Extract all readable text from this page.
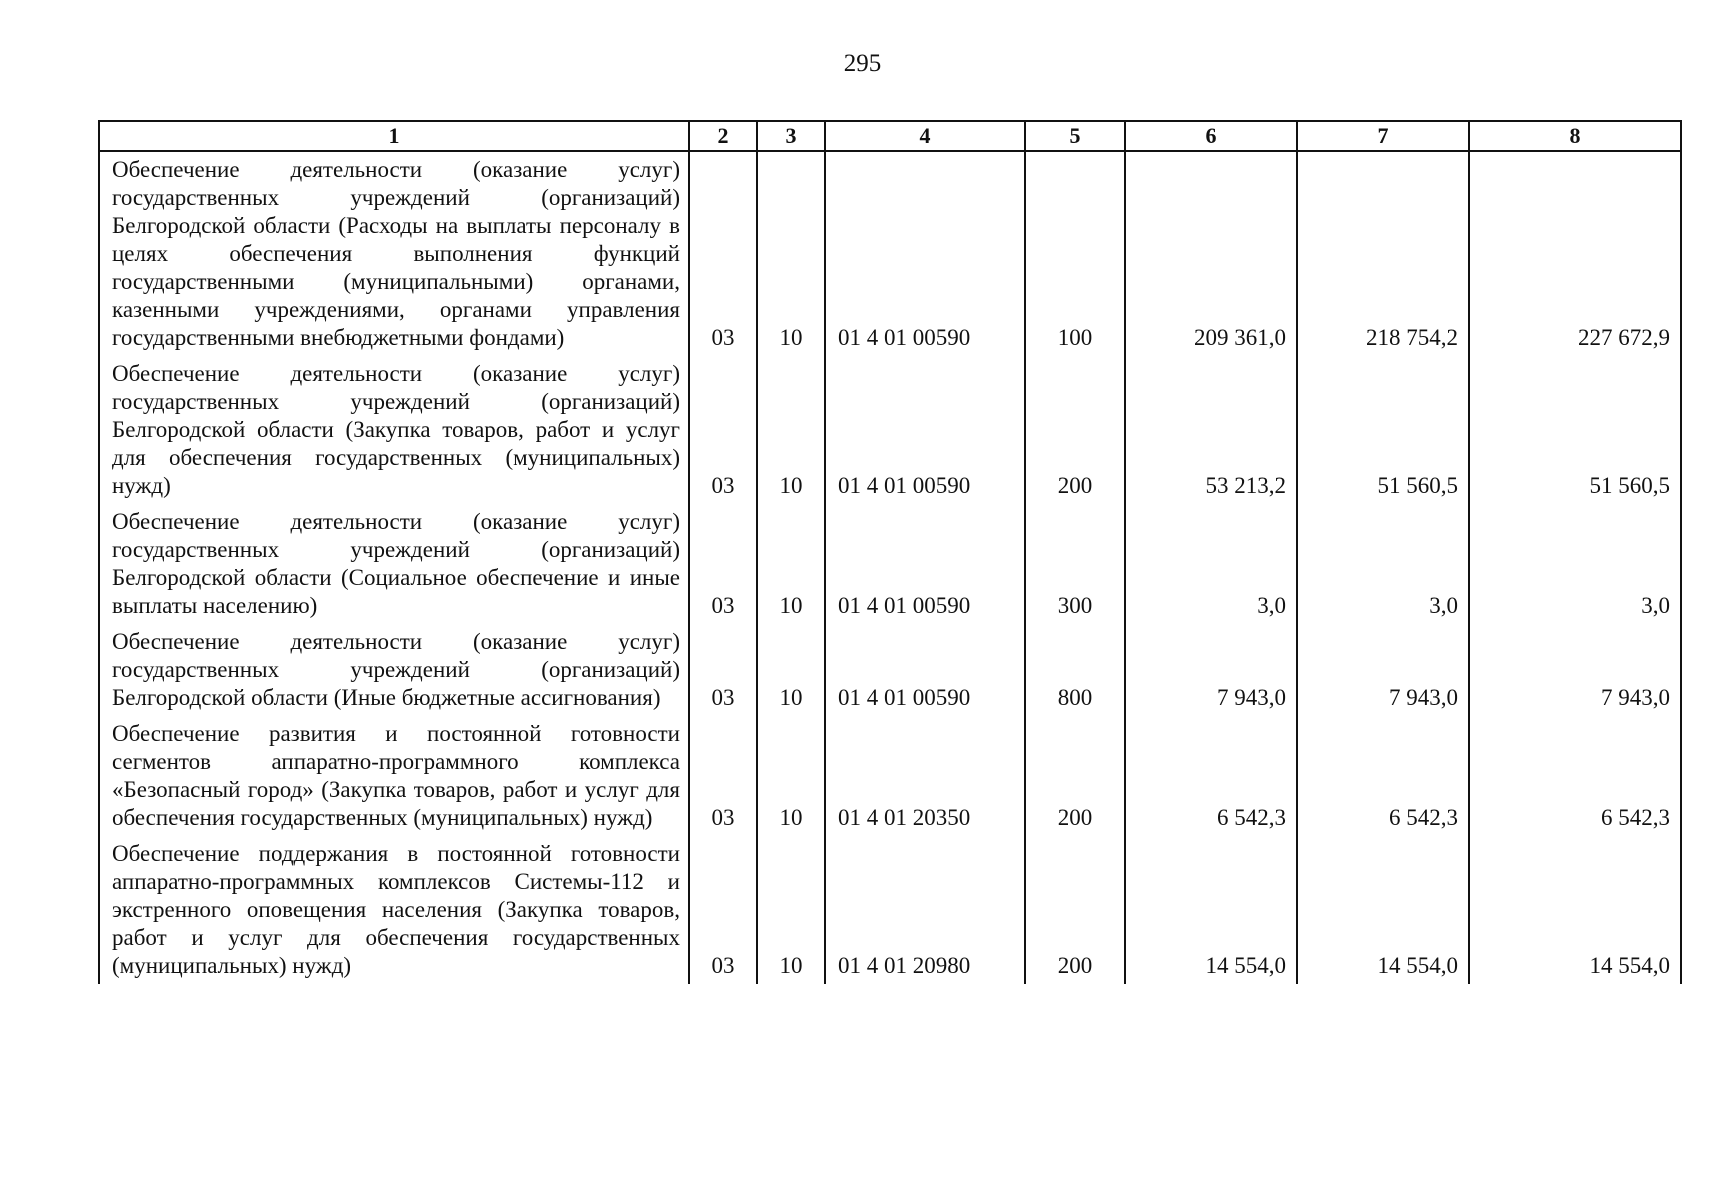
295
1	2	3	4	5	6	7	8
Обеспечение деятельности (оказание услуг) государственных учреждений (организаций) Белгородской области (Расходы на выплаты персоналу в целях обеспечения выполнения функций государственными (муниципальными) органами, казенными учреждениями, органами управления государственными внебюджетными фондами)	03	10	01 4 01 00590	100	209 361,0	218 754,2	227 672,9
Обеспечение деятельности (оказание услуг) государственных учреждений (организаций) Белгородской области (Закупка товаров, работ и услуг для обеспечения государственных (муниципальных) нужд)	03	10	01 4 01 00590	200	53 213,2	51 560,5	51 560,5
Обеспечение деятельности (оказание услуг) государственных учреждений (организаций) Белгородской области (Социальное обеспечение и иные выплаты населению)	03	10	01 4 01 00590	300	3,0	3,0	3,0
Обеспечение деятельности (оказание услуг) государственных учреждений (организаций) Белгородской области (Иные бюджетные ассигнования)	03	10	01 4 01 00590	800	7 943,0	7 943,0	7 943,0
Обеспечение развития и постоянной готовности сегментов аппаратно-программного комплекса «Безопасный город» (Закупка товаров, работ и услуг для обеспечения государственных (муниципальных) нужд)	03	10	01 4 01 20350	200	6 542,3	6 542,3	6 542,3
Обеспечение поддержания в постоянной готовности аппаратно-программных комплексов Системы-112 и экстренного оповещения населения (Закупка товаров, работ и услуг для обеспечения государственных (муниципальных) нужд)	03	10	01 4 01 20980	200	14 554,0	14 554,0	14 554,0
